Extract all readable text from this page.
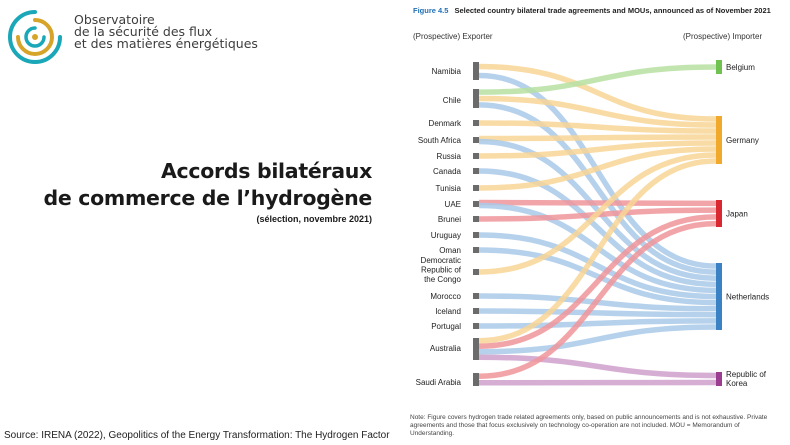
Observatoire
de la sécurité des flux
et des matières énergétiques
Accords bilatéraux
de commerce de l’hydrogène
(sélection, novembre 2021)
Figure 4.5 Selected country bilateral trade agreements and MOUs, announced as of November 2021
(Prospective) Exporter	(Prospective) Importer
Namibia
Chile
Denmark
South Africa
Russia
Canada
Tunisia
UAE
Brunei
Uruguay
Oman
Democratic Republic of the Congo
Morocco
Iceland
Portugal
Australia
Saudi Arabia
Belgium
Germany
Japan
Netherlands
Republic of Korea
Note: Figure covers hydrogen trade related agreements only, based on public announcements and is not exhaustive. Private agreements and those that focus exclusively on technology co-operation are not included. MOU = Memorandum of Understanding.
Source: IRENA (2022), Geopolitics of the Energy Transformation: The Hydrogen Factor
